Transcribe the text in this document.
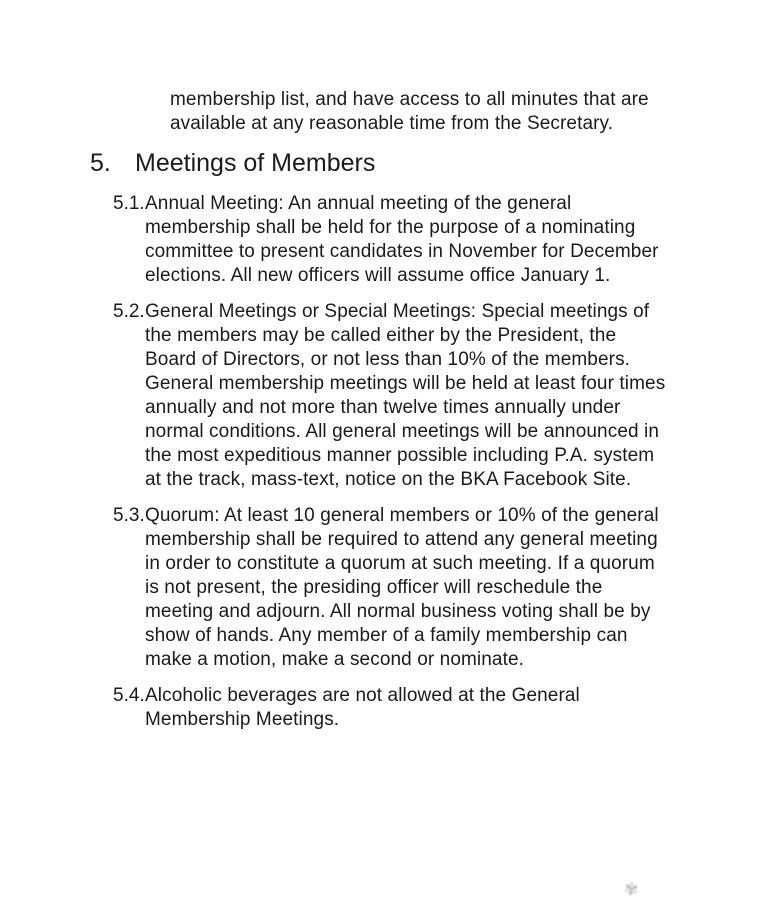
membership list, and have access to all minutes that are available at any reasonable time from the Secretary.

5. Meetings of Members
5.1. Annual Meeting: An annual meeting of the general membership shall be held for the purpose of a nominating committee to present candidates in November for December elections. All new officers will assume office January 1.

5.2. General Meetings or Special Meetings: Special meetings of the members may be called either by the President, the Board of Directors, or not less than 10% of the members. General membership meetings will be held at least four times annually and not more than twelve times annually under normal conditions. All general meetings will be announced in the most expeditious manner possible including P.A. system at the track, mass-text, notice on the BKA Facebook Site.

5.3. Quorum: At least 10 general members or 10% of the general membership shall be required to attend any general meeting in order to constitute a quorum at such meeting. If a quorum is not present, the presiding officer will reschedule the meeting and adjourn. All normal business voting shall be by show of hands. Any member of a family membership can make a motion, make a second or nominate.

5.4. Alcoholic beverages are not allowed at the General Membership Meetings.

✾
